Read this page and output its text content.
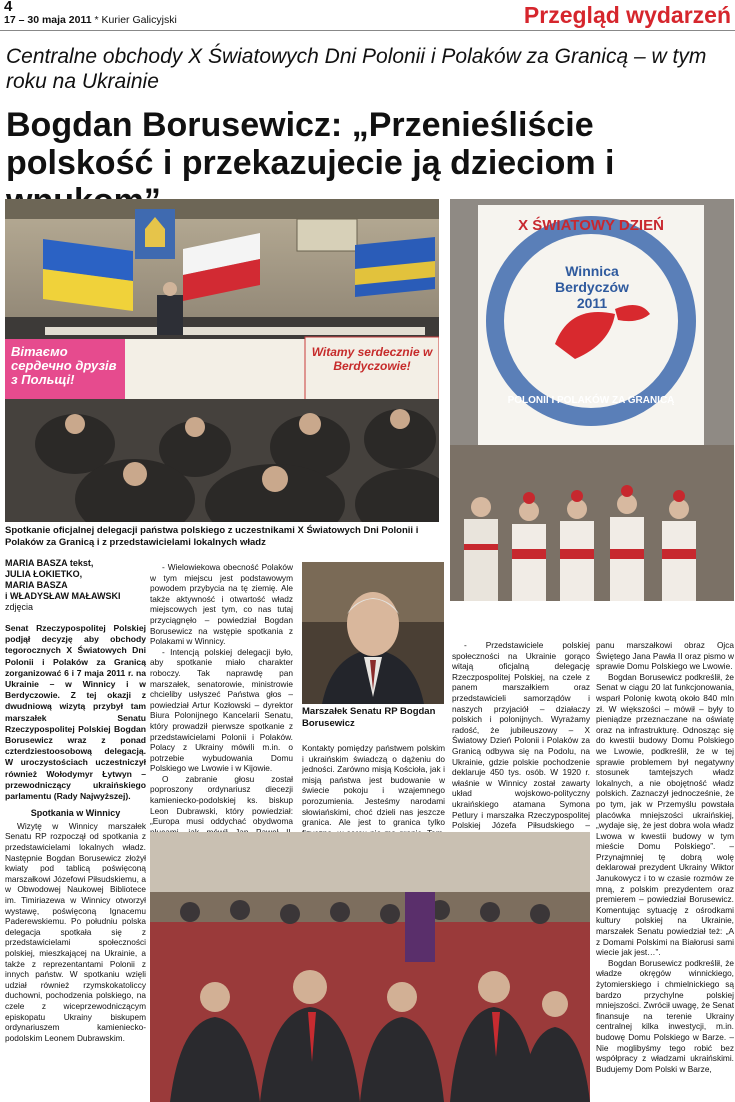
4
17 – 30 maja 2011 * Kurier Galicyjski	Przegląd wydarzeń
Centralne obchody X Światowych Dni Polonii i Polaków za Granicą – w tym roku na Ukrainie
Bogdan Borusewicz: „Przenieśliście polskość i przekazujecie ją dzieciom i
Вітаємо сердечно друзів з Польщі!
Witamy serdecznie w Berdyczowie!
Spotkanie oficjalnej delegacji państwa polskiego z uczestnikami X Światowych Dni Polonii i Polaków za Granicą i z przedstawicielami lokalnych władz
X ŚWIATOWY DZIEŃ
Winnica
Berdyczów
2011
POLONII I POLAKÓW ZA GRANICĄ
MARIA BASZA tekst,
JULIA ŁOKIETKO,
MARIA BASZA
i WŁADYSŁAW MAŁAWSKI
zdjęcia

Senat Rzeczypospolitej Polskiej podjął decyzję aby obchody tegorocznych X Światowych Dni Polonii i Polaków za Granicą zorganizować 6 i 7 maja 2011 r. na Ukrainie – w Winnicy i w Berdyczowie. Z tej okazji z dwudniową wizytą przybył tam marszałek Senatu Rzeczypospolitej Polskiej Bogdan Borusewicz wraz z ponad czterdziestoosobową delegacją. W uroczystościach uczestniczył również Wołodymyr Łytwyn – przewodniczący ukraińskiego parlamentu (Rady Najwyższej).

Spotkania w Winnicy

Wizytę w Winnicy marszałek Senatu RP rozpoczął od spotkania z przedstawicielami lokalnych władz. Następnie Bogdan Borusewicz złożył kwiaty pod tablicą poświęconą marszałkowi Józefowi Piłsudskiemu, a w Obwodowej Naukowej Bibliotece im. Timiriazewa w Winnicy otworzył wystawę, poświęconą Ignacemu Paderewskiemu. Po południu polska delegacja spotkała się z przedstawicielami społeczności polskiej, mieszkającej na Ukrainie, a także z reprezentantami Polonii z innych państw. W spotkaniu wzięli udział również rzymskokatoliccy duchowni, pochodzenia polskiego, na czele z wiceprzewodniczącym episkopatu Ukrainy biskupem ordynariuszem kamieniecko-podolskim Leonem Dubrawskim.

- Wielowiekowa obecność Polaków w tym miejscu jest podstawowym powodem przybycia na tę ziemię. Ale także aktywność i otwartość władz miejscowych jest tym, co nas tutaj przyciągnęło – powiedział Bogdan Borusewicz na wstępie spotkania z Polakami w Winnicy.

- Intencją polskiej delegacji było, aby spotkanie miało charakter roboczy. Tak naprawdę pan marszałek, senatorowie, ministrowie chcieliby usłyszeć Państwa głos – powiedział Artur Kozłowski – dyrektor Biura Polonijnego Kancelarii Senatu, który prowadził pierwsze spotkanie z przedstawicielami Polonii i Polaków. Polacy z Ukrainy mówili m.in. o potrzebie wybudowania Domu Polskiego we Lwowie i w Kijowie.

O zabranie głosu został poproszony ordynariusz diecezji kamieniecko-podolskiej ks. biskup Leon Dubrawski, który powiedział: „Europa musi oddychać obydwoma

Marszałek Senatu RP Bogdan Borusewicz

Kontakty pomiędzy państwem polskim i ukraińskim świadczą o dążeniu do jedności. Zarówno misją Kościoła, jak i misją państwa jest budowanie w świecie pokoju i wzajemnego porozumienia. Jesteśmy narodami słowiańskimi, choć dzieli nas jeszcze granica. Ale jest to granica tylko

- Przedstawiciele polskiej społeczności na Ukrainie gorąco witają oficjalną delegację Rzeczpospolitej Polskiej, na czele z panem marszałkiem oraz przedstawicieli samorządów i naszych przyjaciół – działaczy polskich i polonijnych. Wyrażamy radość, że jubileuszowy – X Światowy Dzień Polonii i Polaków za Granicą odbywa się na Podolu, na Ukrainie, gdzie polskie pochodzenie deklaruje 450 tys. osób. W 1920 r. właśnie w Winnicy został zawarty układ wojskowo-polityczny ukraińskiego atamana Symona Petlury i marszałka Rzeczypospolitej Polskiej Józefa Piłsudskiego –

panu marszałkowi obraz Ojca Świętego Jana Pawła II oraz pismo w sprawie Domu Polskiego we Lwowie.

Bogdan Borusewicz podkreślił, że Senat w ciągu 20 lat funkcjonowania, wsparł Polonię kwotą około 840 mln zł. W większości – mówił – były to pieniądze przeznaczane na oświatę oraz na infrastrukturę. Odnosząc się do kwestii budowy Domu Polskiego we Lwowie, podkreślił, że w tej sprawie problemem był negatywny stosunek tamtejszych władz lokalnych, a nie obojętność władz polskich. Zaznaczył jednocześnie, że po tym, jak w Przemyślu powstała placówka mniejszości ukraińskiej, „wydaje się, że jest dobra wola władz Lwowa w kwestii budowy w tym mieście Domu Polskiego”. – Przynajmniej tę dobrą wolę deklarował prezydent Ukrainy Wiktor Janukowycz i to w czasie rozmów ze mną, z polskim prezydentem oraz premierem – powiedział Borusewicz. Komentując sytuację z ośrodkami kultury polskiej na Ukrainie, marszałek Senatu powiedział też: „A z Domami Polskimi na Białorusi sami wiecie jak jest…”.

Bogdan Borusewicz podkreślił, że władze okręgów winnickiego, żytomierskiego i chmielnickiego są bardzo przychylne polskiej mniejszości. Zwrócił uwagę, że Senat finansuje na terenie Ukrainy centralnej kilka inwestycji, m.in. budowę Domu Polskiego w Barze. – Nie moglibyśmy tego robić bez współpracy z władzami ukraińskimi. Budujemy Dom Polski w Barze,
